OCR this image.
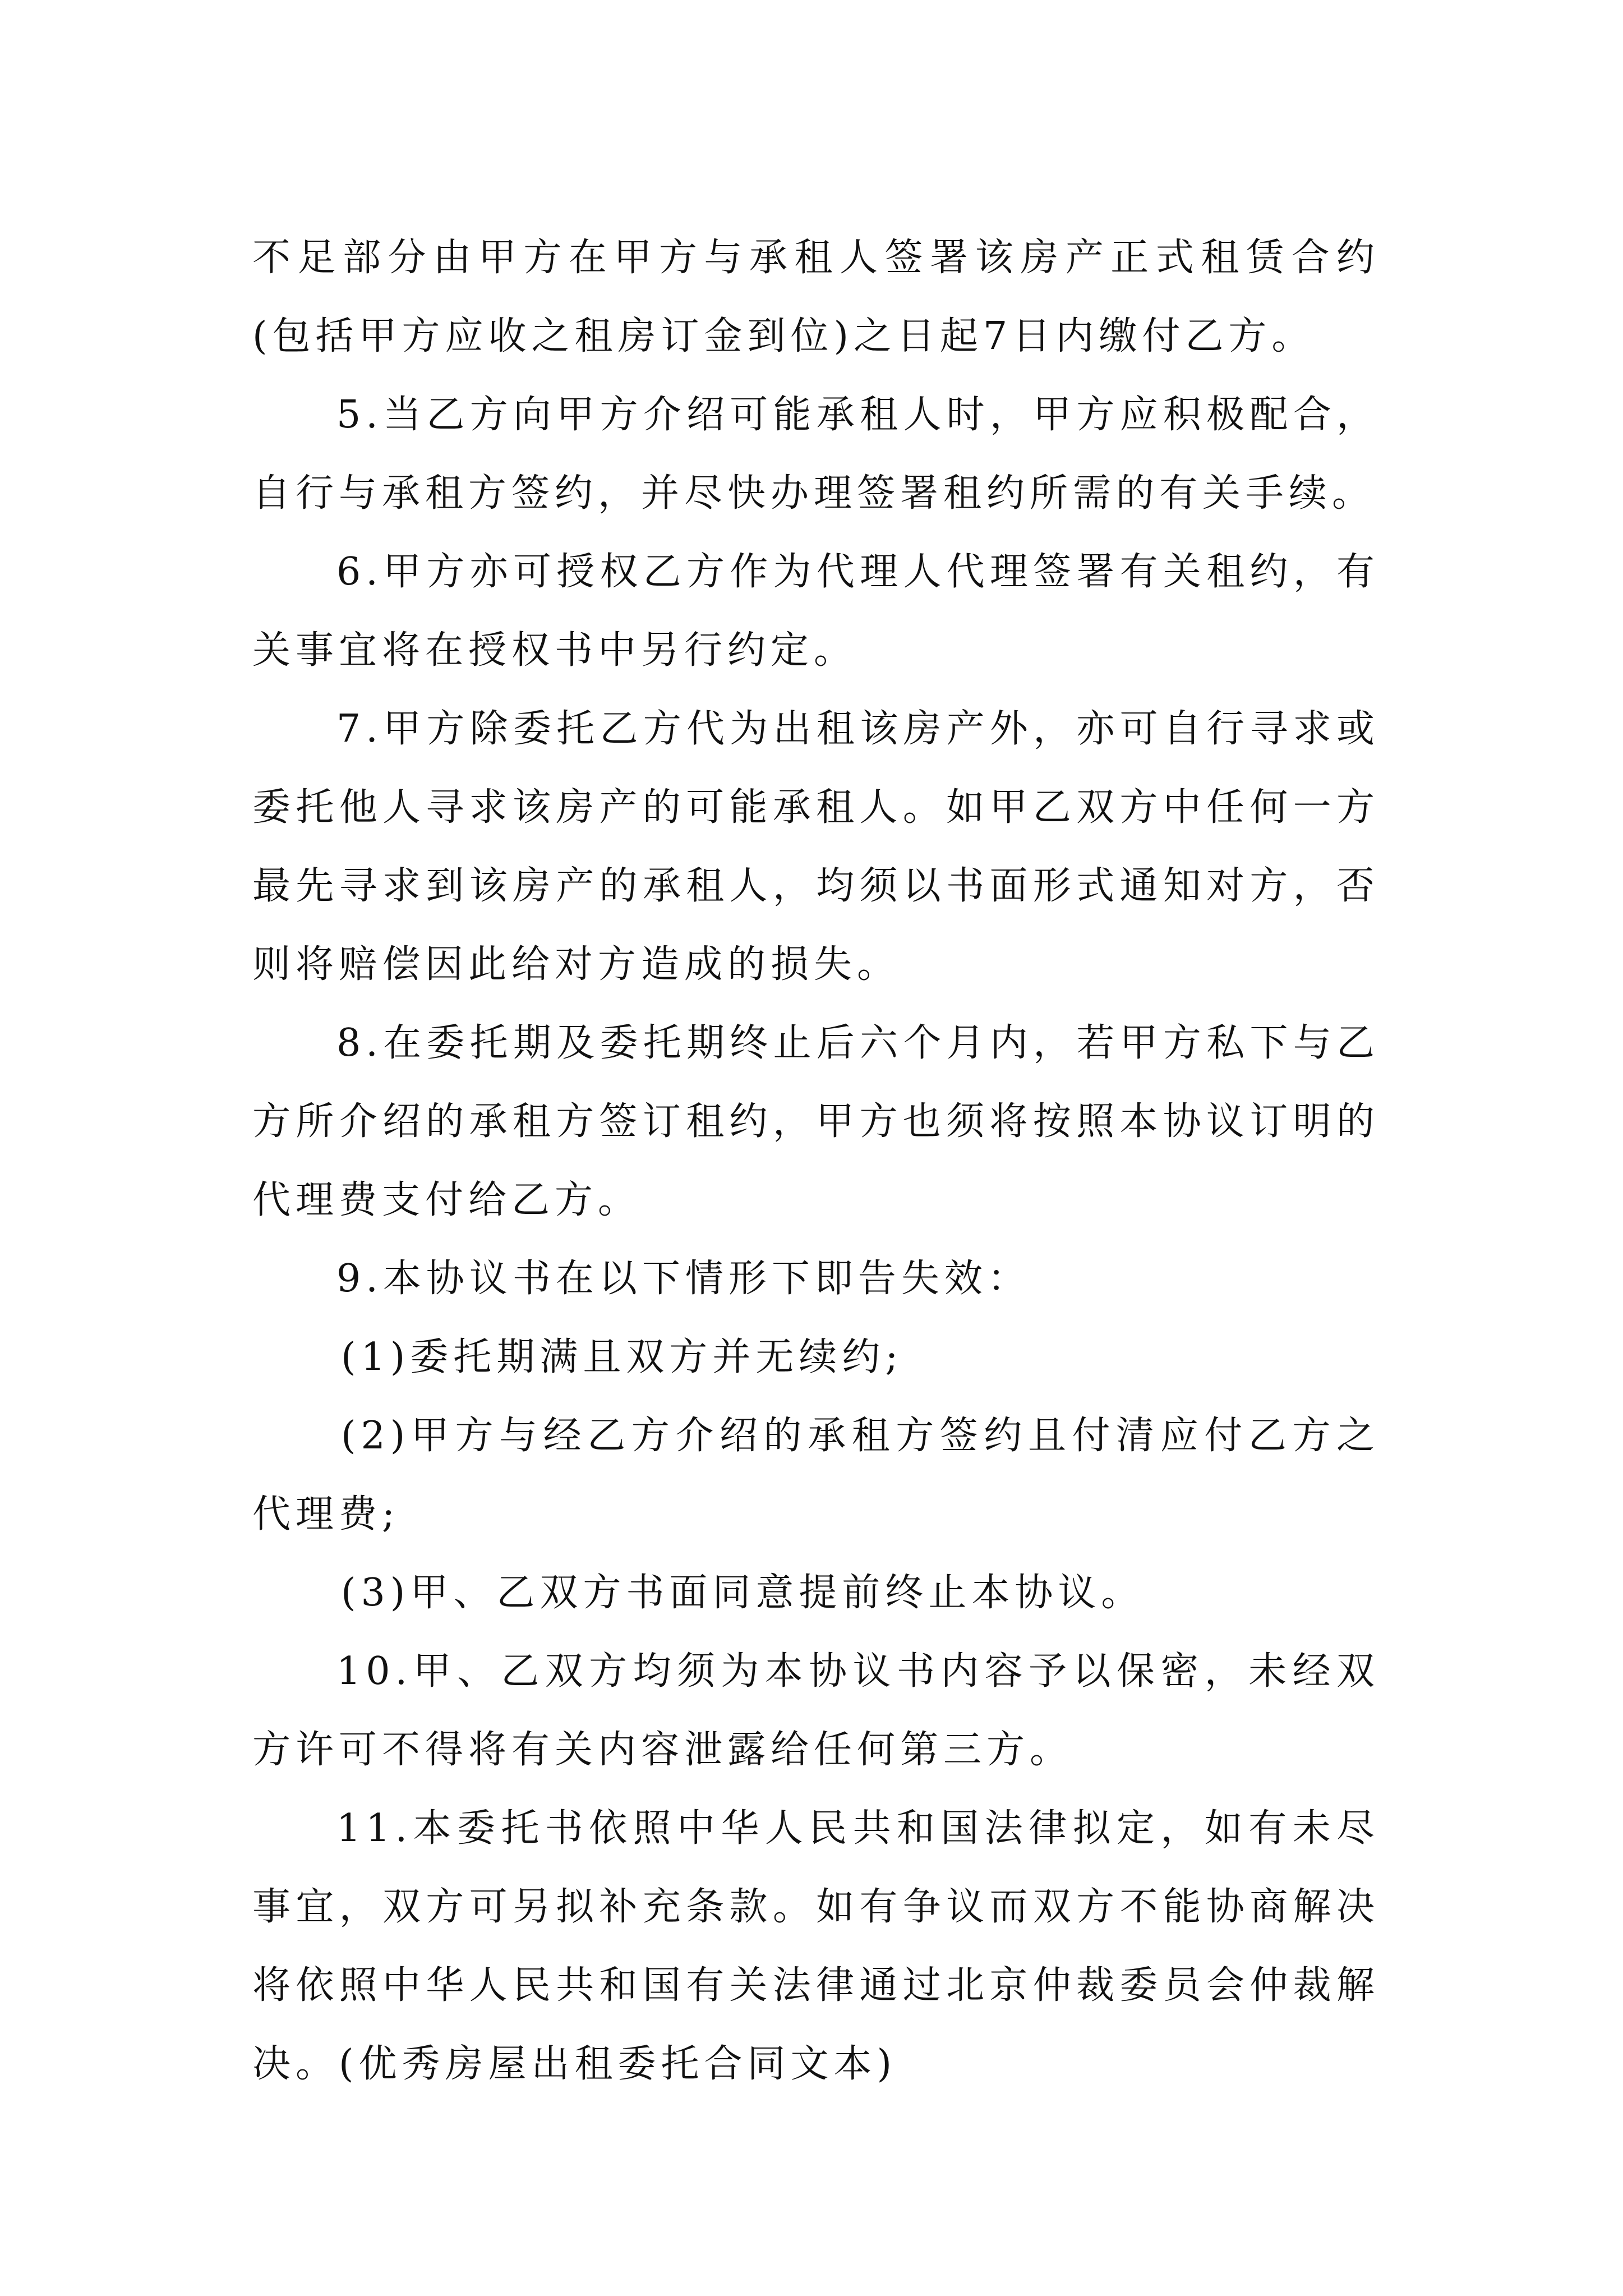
不足部分由甲方在甲方与承租人签署该房产正式租赁合约(包括甲方应收之租房订金到位)之日起7日内缴付乙方。

5.当乙方向甲方介绍可能承租人时，甲方应积极配合，自行与承租方签约，并尽快办理签署租约所需的有关手续。

6.甲方亦可授权乙方作为代理人代理签署有关租约，有关事宜将在授权书中另行约定。

7.甲方除委托乙方代为出租该房产外，亦可自行寻求或委托他人寻求该房产的可能承租人。如甲乙双方中任何一方最先寻求到该房产的承租人，均须以书面形式通知对方，否则将赔偿因此给对方造成的损失。

8.在委托期及委托期终止后六个月内，若甲方私下与乙方所介绍的承租方签订租约，甲方也须将按照本协议订明的代理费支付给乙方。

9.本协议书在以下情形下即告失效：

(1)委托期满且双方并无续约;

(2)甲方与经乙方介绍的承租方签约且付清应付乙方之代理费;

(3)甲、乙双方书面同意提前终止本协议。

10.甲、乙双方均须为本协议书内容予以保密，未经双方许可不得将有关内容泄露给任何第三方。

11.本委托书依照中华人民共和国法律拟定，如有未尽事宜，双方可另拟补充条款。如有争议而双方不能协商解决将依照中华人民共和国有关法律通过北京仲裁委员会仲裁解决。(优秀房屋出租委托合同文本)
